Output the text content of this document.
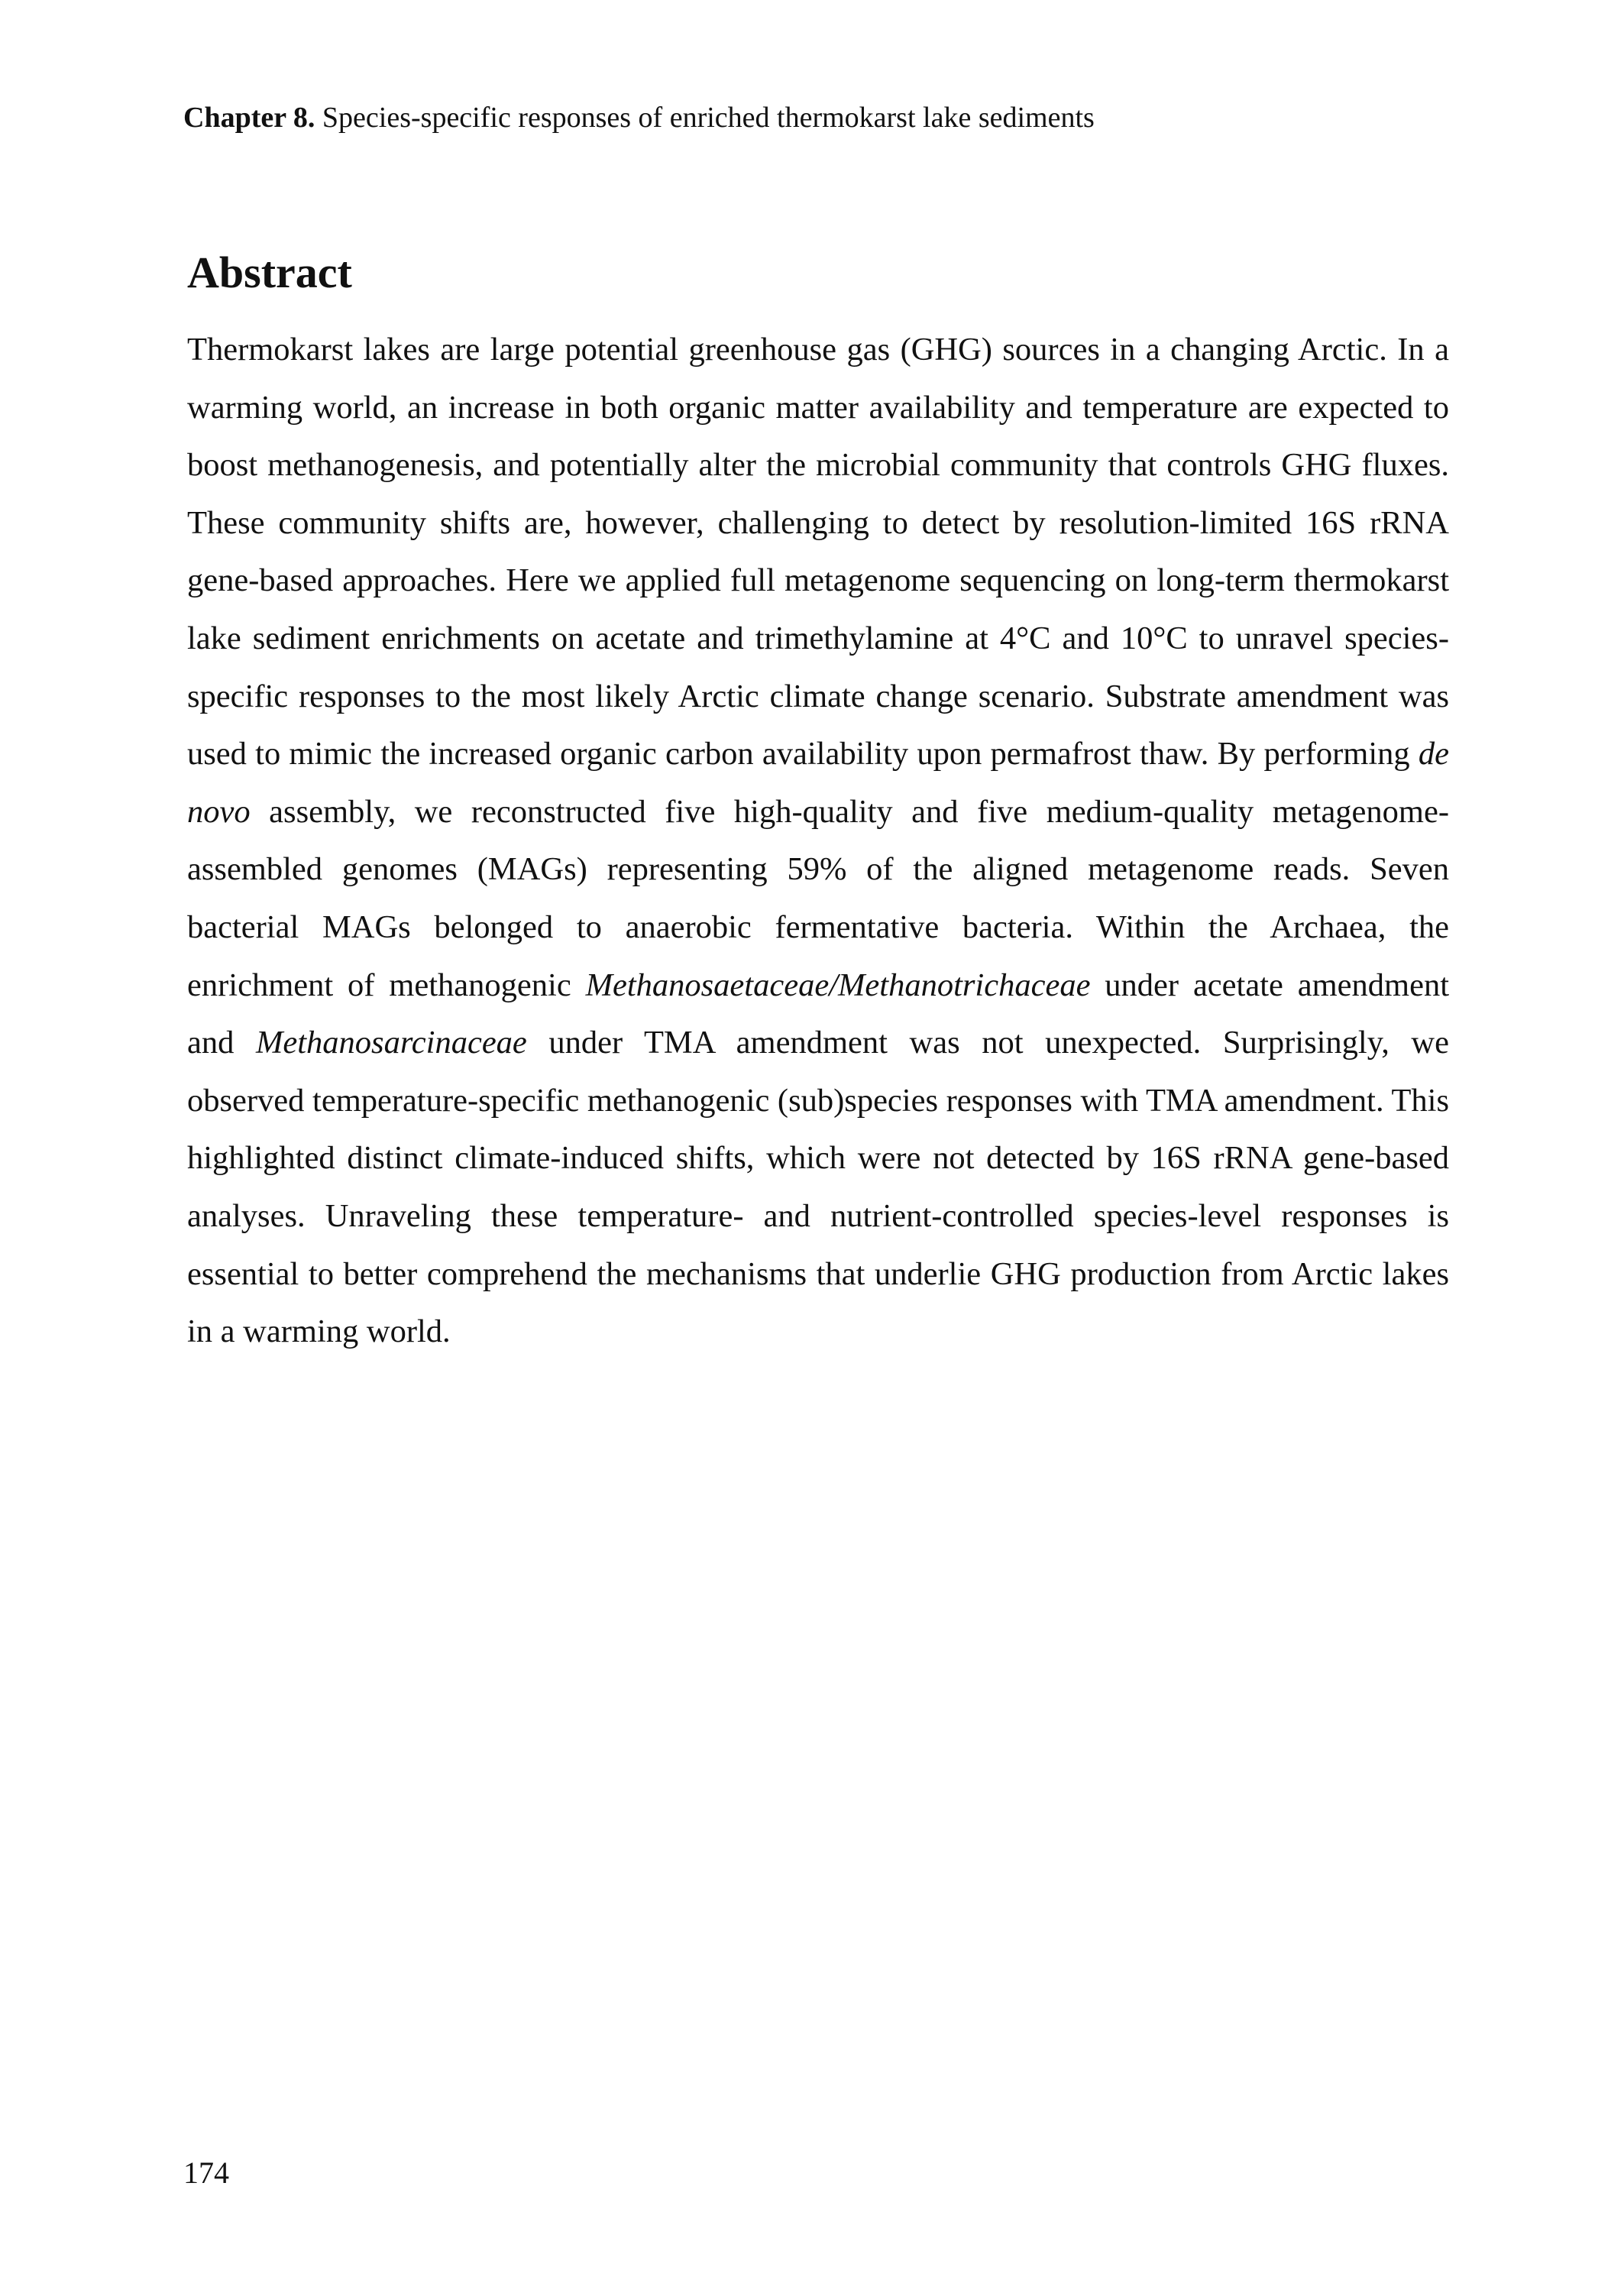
Chapter 8. Species-specific responses of enriched thermokarst lake sediments
Abstract

Thermokarst lakes are large potential greenhouse gas (GHG) sources in a changing Arctic. In a warming world, an increase in both organic matter availability and temperature are expected to boost methanogenesis, and potentially alter the microbial community that controls GHG fluxes. These community shifts are, however, challenging to detect by resolution-limited 16S rRNA gene-based approaches. Here we applied full metagenome sequencing on long-term thermokarst lake sediment enrichments on acetate and trimethylamine at 4°C and 10°C to unravel species-specific responses to the most likely Arctic climate change scenario. Substrate amendment was used to mimic the increased organic carbon availability upon permafrost thaw. By performing de novo assembly, we reconstructed five high-quality and five medium-quality metagenome-assembled genomes (MAGs) representing 59% of the aligned metagenome reads. Seven bacterial MAGs belonged to anaerobic fermentative bacteria. Within the Archaea, the enrichment of methanogenic Methanosaetaceae/Methanotrichaceae under acetate amendment and Methanosarcinaceae under TMA amendment was not unexpected. Surprisingly, we observed temperature-specific methanogenic (sub)species responses with TMA amendment. This highlighted distinct climate-induced shifts, which were not detected by 16S rRNA gene-based analyses. Unraveling these temperature- and nutrient-controlled species-level responses is essential to better comprehend the mechanisms that underlie GHG production from Arctic lakes in a warming world.

174
